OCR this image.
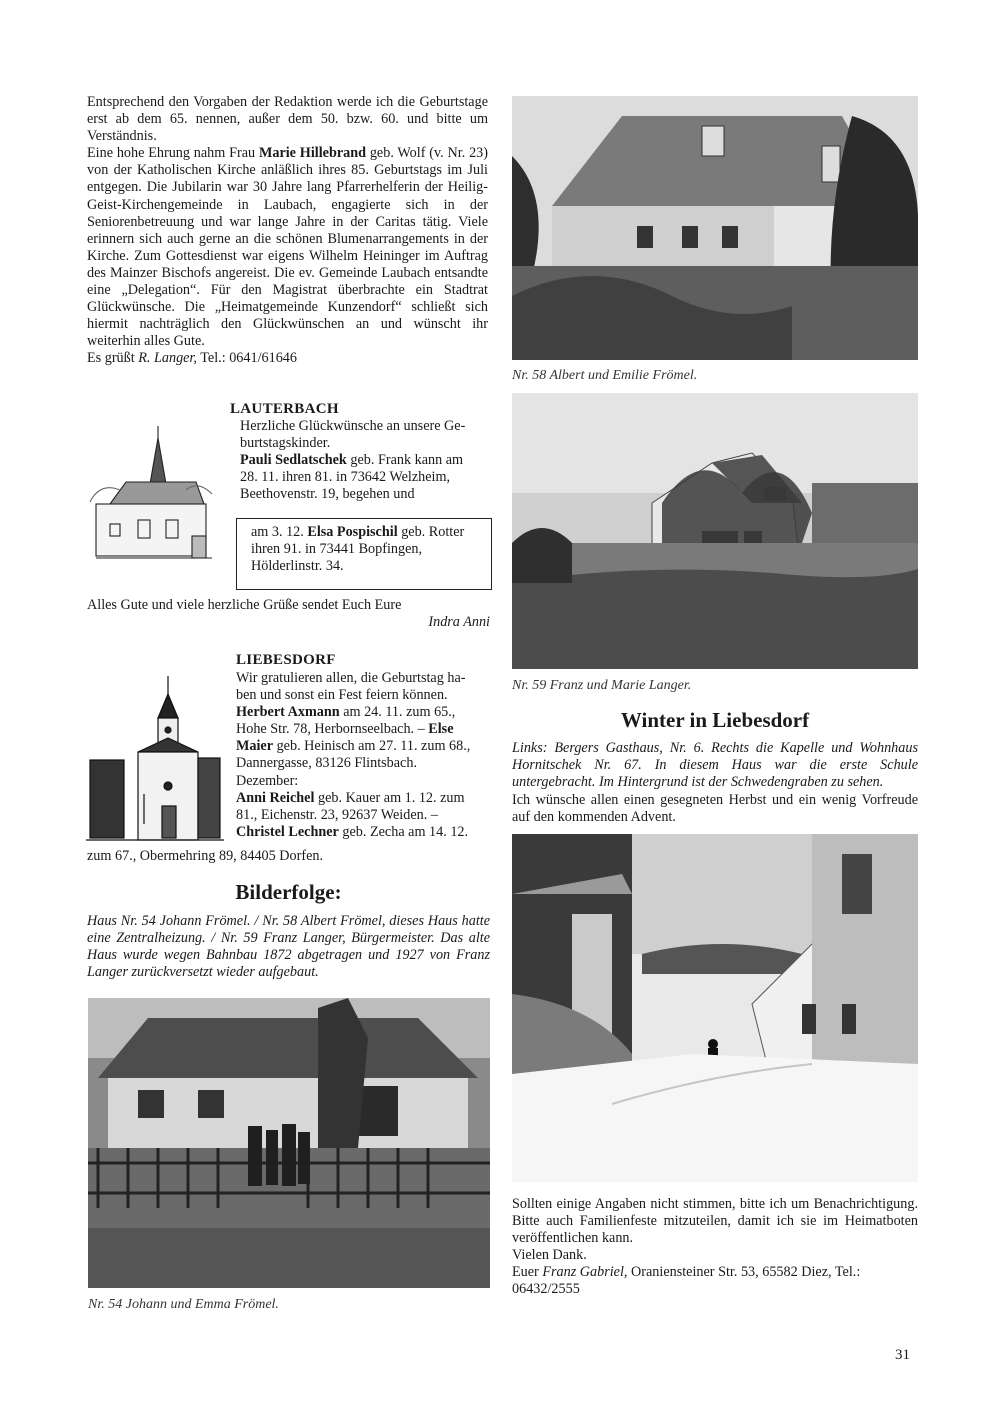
Entsprechend den Vorgaben der Redaktion werde ich die Geburtstage erst ab dem 65. nennen, außer dem 50. bzw. 60. und bitte um Verständnis.

Eine hohe Ehrung nahm Frau Marie Hillebrand geb. Wolf (v. Nr. 23) von der Katholischen Kirche anläßlich ihres 85. Geburtstags im Juli entgegen. Die Jubilarin war 30 Jahre lang Pfarrerhelferin der Heilig-Geist-Kirchengemeinde in Laubach, engagierte sich in der Seniorenbetreuung und war lange Jahre in der Caritas tätig. Viele erinnern sich auch gerne an die schönen Blumenarrangements in der Kirche. Zum Gottesdienst war eigens Wilhelm Heininger im Auftrag des Mainzer Bischofs angereist. Die ev. Gemeinde Laubach entsandte eine „Delegation“. Für den Magistrat überbrachte ein Stadtrat Glückwünsche. Die „Heimatgemeinde Kunzendorf“ schließt sich hiermit nachträglich den Glückwünschen an und wünscht ihr weiterhin alles Gute.

Es grüßt R. Langer, Tel.: 0641/61646

LAUTERBACH
Herzliche Glückwünsche an unsere Ge-
burtstagskinder.
Pauli Sedlatschek geb. Frank kann am
28. 11. ihren 81. in 73642 Welzheim,
Beethovenstr. 19, begehen und
am 3. 12. Elsa Pospischil geb. Rotter ihren 91. in 73441 Bopfingen, Hölderlinstr. 34.
Alles Gute und viele herzliche Grüße sendet Euch Eure
Indra Anni
LIEBESDORF
Wir gratulieren allen, die Geburtstag ha-
ben und sonst ein Fest feiern können.
Herbert Axmann am 24. 11. zum 65.,
Hohe Str. 78, Herbornseelbach. – Else
Maier geb. Heinisch am 27. 11. zum 68.,
Dannergasse, 83126 Flintsbach.
Dezember:
Anni Reichel geb. Kauer am 1. 12. zum
81., Eichenstr. 23, 92637 Weiden. –
Christel Lechner geb. Zecha am 14. 12.
zum 67., Obermehring 89, 84405 Dorfen.
Bilderfolge:
Haus Nr. 54 Johann Frömel. / Nr. 58 Albert Frömel, dieses Haus hatte eine Zentralheizung. / Nr. 59 Franz Langer, Bürgermeister. Das alte Haus wurde wegen Bahnbau 1872 abgetragen und 1927 von Franz Langer zurückversetzt wieder aufgebaut.
Nr. 54 Johann und Emma Frömel.
Nr. 58 Albert und Emilie Frömel.
Nr. 59 Franz und Marie Langer.
Winter in Liebesdorf
Links: Bergers Gasthaus, Nr. 6. Rechts die Kapelle und Wohnhaus Hornitschek Nr. 67. In diesem Haus war die erste Schule untergebracht. Im Hintergrund ist der Schwedengraben zu sehen.
Ich wünsche allen einen gesegneten Herbst und ein wenig Vorfreude auf den kommenden Advent.

Sollten einige Angaben nicht stimmen, bitte ich um Benachrichtigung. Bitte auch Familienfeste mitzuteilen, damit ich sie im Heimatboten veröffentlichen kann.

Vielen Dank.

Euer Franz Gabriel, Oraniensteiner Str. 53, 65582 Diez, Tel.:

06432/2555

31
